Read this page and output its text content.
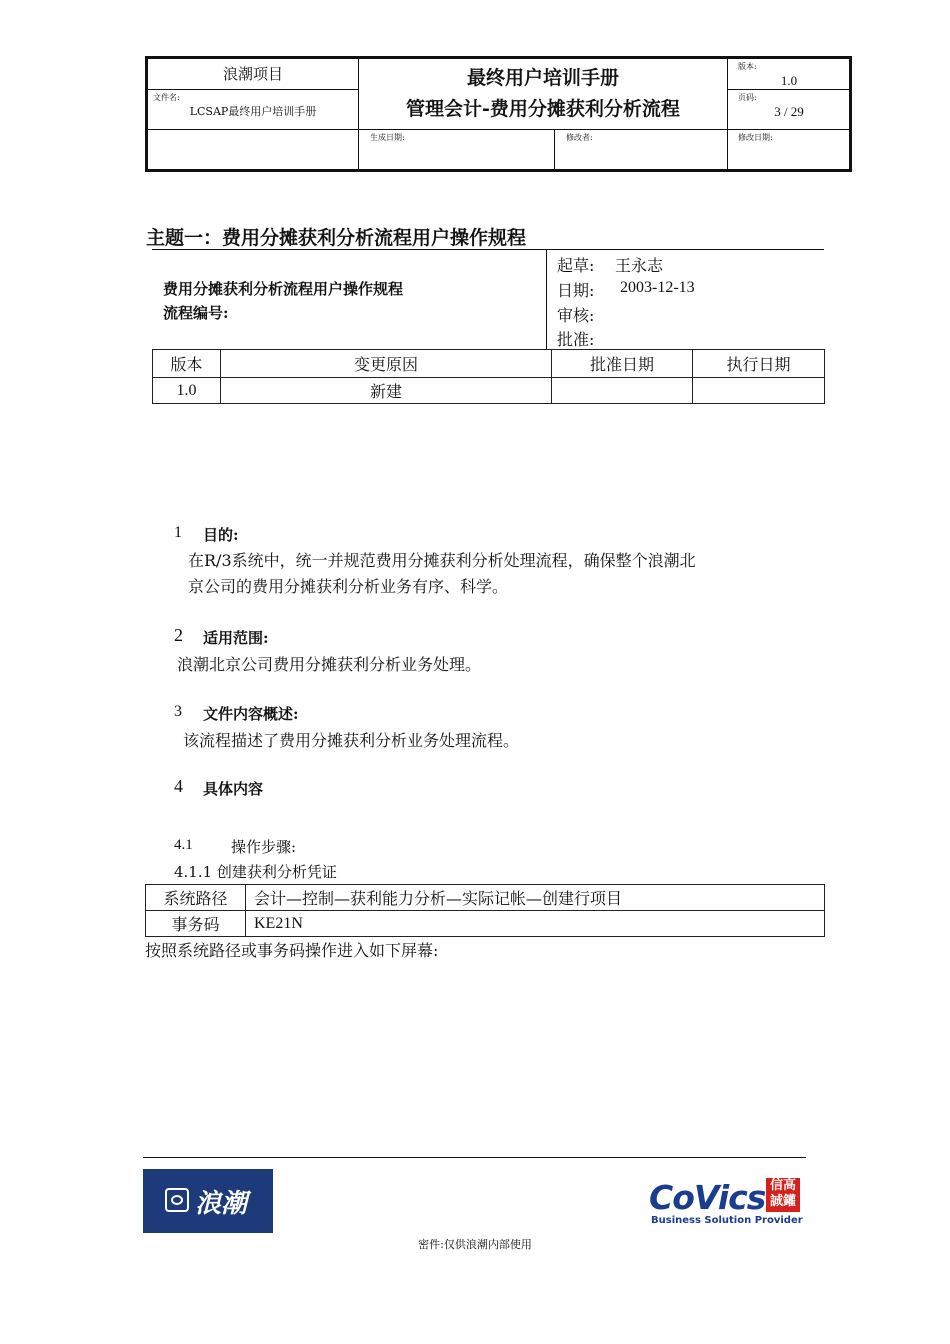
浪潮项目
文件名:
LCSAP最终用户培训手册
最终用户培训手册
管理会计-费用分摊获利分析流程
版本:
1.0
页码:
3 / 29
生成日期:	修改者:	修改日期:
主题一：费用分摊获利分析流程用户操作规程
费用分摊获利分析流程用户操作规程
流程编号:
起草: 王永志
日期: 2003-12-13
审核:
批准:
版本	变更原因	批准日期	执行日期
1.0	新建		
1 目的:
在R/3系统中，统一并规范费用分摊获利分析处理流程，确保整个浪潮北
京公司的费用分摊获利分析业务有序、科学。
2 适用范围:
浪潮北京公司费用分摊获利分析业务处理。
3 文件内容概述:
该流程描述了费用分摊获利分析业务处理流程。
4 具体内容
4.1	操作步骤:
4.1.1 创建获利分析凭证
系统路径	会计—控制—获利能力分析—实际记帐—创建行项目
事务码	KE21N
按照系统路径或事务码操作进入如下屏幕:
浪潮	CoVics 信高誠鑵
Business Solution Provider
密件:仅供浪潮内部使用
